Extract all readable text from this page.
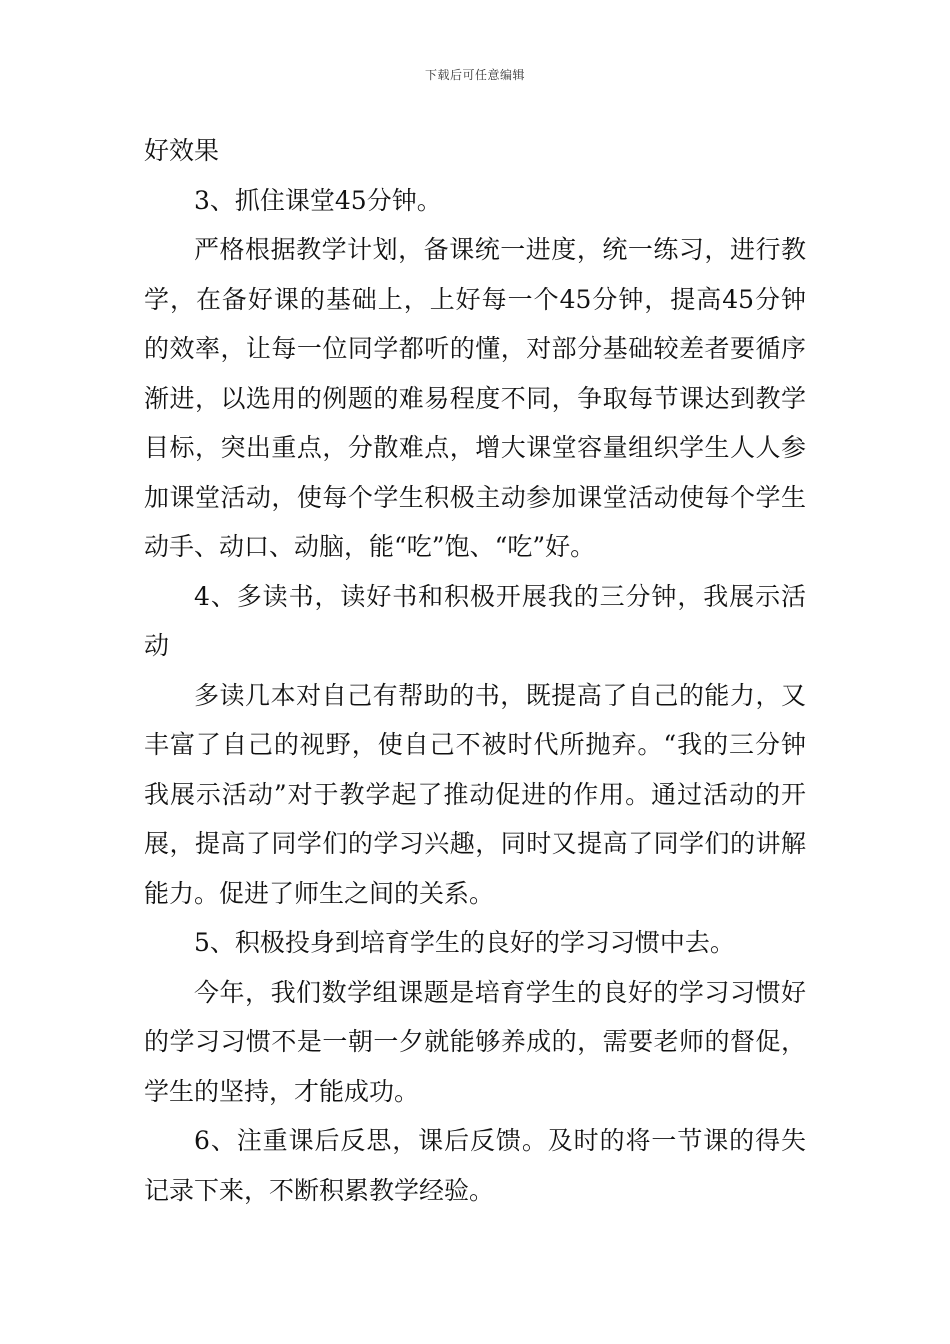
下载后可任意编辑

好效果

3、抓住课堂45分钟。

严格根据教学计划，备课统一进度，统一练习，进行教学，在备好课的基础上，上好每一个45分钟，提高45分钟的效率，让每一位同学都听的懂，对部分基础较差者要循序渐进，以选用的例题的难易程度不同，争取每节课达到教学目标，突出重点，分散难点，增大课堂容量组织学生人人参加课堂活动，使每个学生积极主动参加课堂活动使每个学生动手、动口、动脑，能“吃”饱、“吃”好。

4、多读书，读好书和积极开展我的三分钟，我展示活动

多读几本对自己有帮助的书，既提高了自己的能力，又丰富了自己的视野，使自己不被时代所抛弃。“我的三分钟我展示活动”对于教学起了推动促进的作用。通过活动的开展，提高了同学们的学习兴趣，同时又提高了同学们的讲解能力。促进了师生之间的关系。

5、积极投身到培育学生的良好的学习习惯中去。

今年，我们数学组课题是培育学生的良好的学习习惯好的学习习惯不是一朝一夕就能够养成的，需要老师的督促，学生的坚持，才能成功。

6、注重课后反思，课后反馈。及时的将一节课的得失记录下来，不断积累教学经验。
